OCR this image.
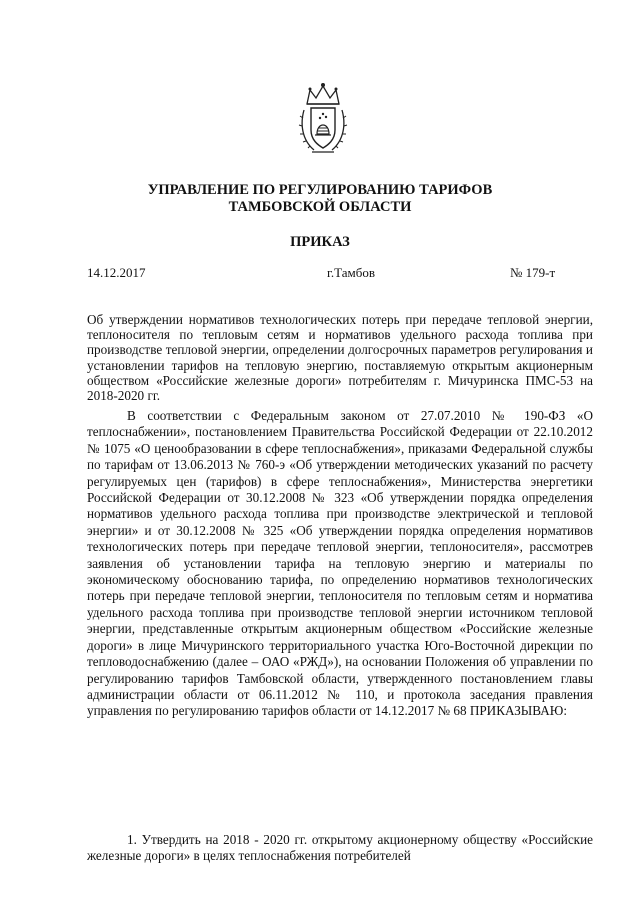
УПРАВЛЕНИЕ ПО РЕГУЛИРОВАНИЮ ТАРИФОВ
ТАМБОВСКОЙ ОБЛАСТИ
ПРИКАЗ
14.12.2017	г.Тамбов	№ 179-т
Об утверждении нормативов технологических потерь при передаче тепловой энергии, теплоносителя по тепловым сетям и нормативов удельного расхода топлива при производстве тепловой энергии, определении долгосрочных параметров регулирования и установлении тарифов на тепловую энергию, поставляемую открытым акционерным обществом «Российские железные дороги» потребителям г. Мичуринска ПМС-53 на 2018-2020 гг.

В соответствии с Федеральным законом от 27.07.2010 № 190-ФЗ «О теплоснабжении», постановлением Правительства Российской Федерации от 22.10.2012 № 1075 «О ценообразовании в сфере теплоснабжения», приказами Федеральной службы по тарифам от 13.06.2013 № 760-э «Об утверждении методических указаний по расчету регулируемых цен (тарифов) в сфере теплоснабжения», Министерства энергетики Российской Федерации от 30.12.2008 № 323 «Об утверждении порядка определения нормативов удельного расхода топлива при производстве электрической и тепловой энергии» и от 30.12.2008 № 325 «Об утверждении порядка определения нормативов технологических потерь при передаче тепловой энергии, теплоносителя», рассмотрев заявления об установлении тарифа на тепловую энергию и материалы по экономическому обоснованию тарифа, по определению нормативов технологических потерь при передаче тепловой энергии, теплоносителя по тепловым сетям и норматива удельного расхода топлива при производстве тепловой энергии источником тепловой энергии, представленные открытым акционерным обществом «Российские железные дороги» в лице Мичуринского территориального участка Юго-Восточной дирекции по тепловодоснабжению (далее – ОАО «РЖД»), на основании Положения об управлении по регулированию тарифов Тамбовской области, утвержденного постановлением главы администрации области от 06.11.2012 № 110, и протокола заседания правления управления по регулированию тарифов области от 14.12.2017 № 68 ПРИКАЗЫВАЮ:

1. Утвердить на 2018 - 2020 гг. открытому акционерному обществу «Российские железные дороги» в целях теплоснабжения потребителей
